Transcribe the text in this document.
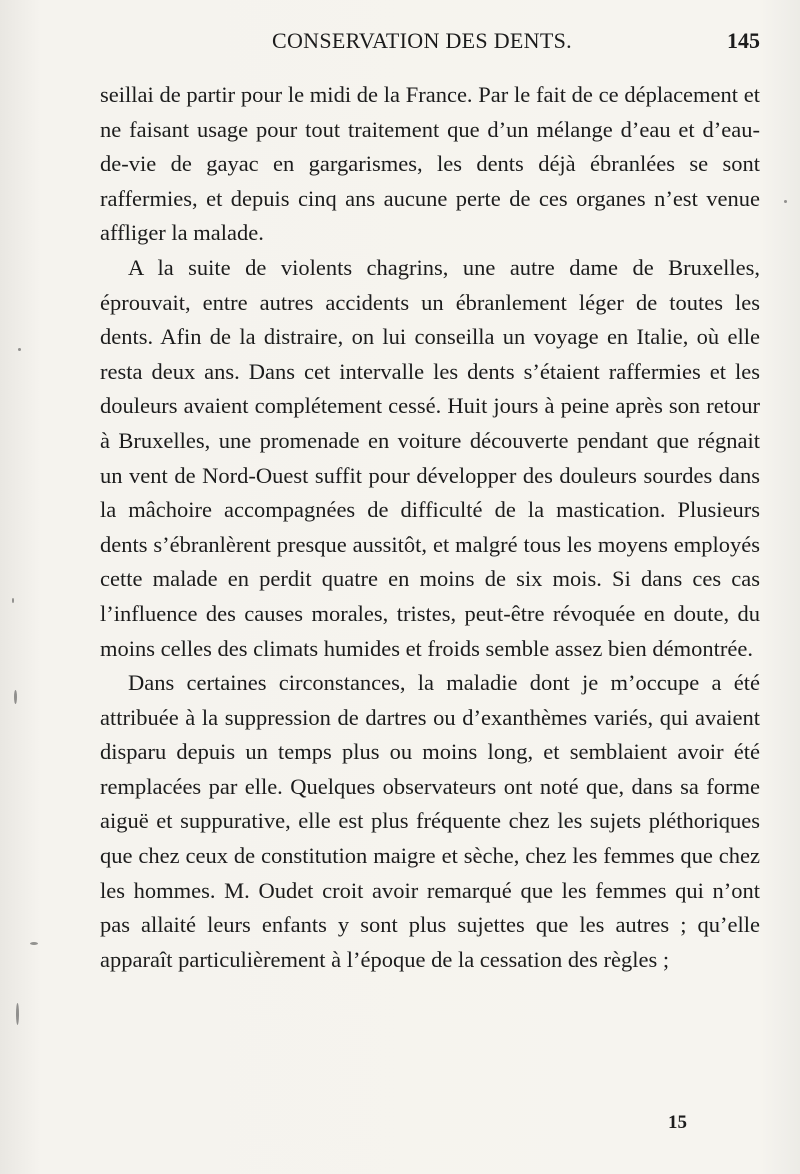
CONSERVATION DES DENTS.	145

seillai de partir pour le midi de la France. Par le fait de ce déplacement et ne faisant usage pour tout traitement que d’un mélange d’eau et d’eau-de-vie de gayac en gargarismes, les dents déjà ébranlées se sont raffermies, et depuis cinq ans aucune perte de ces organes n’est venue affliger la malade.

A la suite de violents chagrins, une autre dame de Bruxelles, éprouvait, entre autres accidents un ébranlement léger de toutes les dents. Afin de la distraire, on lui conseilla un voyage en Italie, où elle resta deux ans. Dans cet intervalle les dents s’étaient raffermies et les douleurs avaient complétement cessé. Huit jours à peine après son retour à Bruxelles, une promenade en voiture découverte pendant que régnait un vent de Nord-Ouest suffit pour développer des douleurs sourdes dans la mâchoire accompagnées de difficulté de la mastication. Plusieurs dents s’ébranlèrent presque aussitôt, et malgré tous les moyens employés cette malade en perdit quatre en moins de six mois. Si dans ces cas l’influence des causes morales, tristes, peut-être révoquée en doute, du moins celles des climats humides et froids semble assez bien démontrée.

Dans certaines circonstances, la maladie dont je m’occupe a été attribuée à la suppression de dartres ou d’exanthèmes variés, qui avaient disparu depuis un temps plus ou moins long, et semblaient avoir été remplacées par elle. Quelques observateurs ont noté que, dans sa forme aiguë et suppurative, elle est plus fréquente chez les sujets pléthoriques que chez ceux de constitution maigre et sèche, chez les femmes que chez les hommes. M. Oudet croit avoir remarqué que les femmes qui n’ont pas allaité leurs enfants y sont plus sujettes que les autres ; qu’elle apparaît particulièrement à l’époque de la cessation des règles ;

15
